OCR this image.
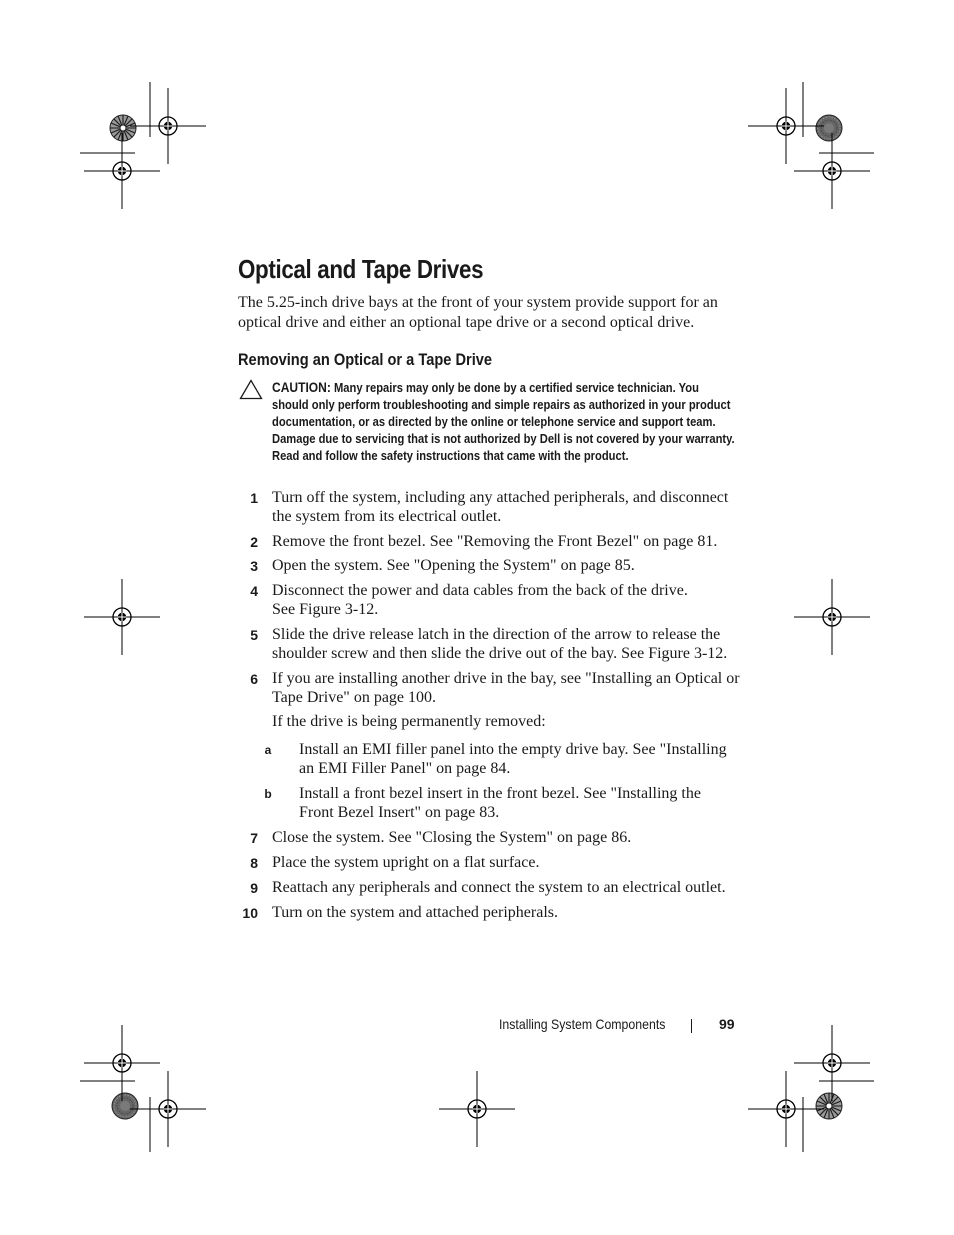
Optical and Tape Drives

The 5.25-inch drive bays at the front of your system provide support for an optical drive and either an optional tape drive or a second optical drive.

Removing an Optical or a Tape Drive

CAUTION: Many repairs may only be done by a certified service technician. You should only perform troubleshooting and simple repairs as authorized in your product documentation, or as directed by the online or telephone service and support team. Damage due to servicing that is not authorized by Dell is not covered by your warranty. Read and follow the safety instructions that came with the product.

1 Turn off the system, including any attached peripherals, and disconnect the system from its electrical outlet.

2 Remove the front bezel. See "Removing the Front Bezel" on page 81.

3 Open the system. See "Opening the System" on page 85.

4 Disconnect the power and data cables from the back of the drive.
See Figure 3-12.

5 Slide the drive release latch in the direction of the arrow to release the shoulder screw and then slide the drive out of the bay. See Figure 3-12.

6 If you are installing another drive in the bay, see "Installing an Optical or Tape Drive" on page 100.

If the drive is being permanently removed:

a	Install an EMI filler panel into the empty drive bay. See "Installing an EMI Filler Panel" on page 84.

b	Install a front bezel insert in the front bezel. See "Installing the Front Bezel Insert" on page 83.

7 Close the system. See "Closing the System" on page 86.

8 Place the system upright on a flat surface.

9 Reattach any peripherals and connect the system to an electrical outlet.

10 Turn on the system and attached peripherals.

Installing System Components	99
